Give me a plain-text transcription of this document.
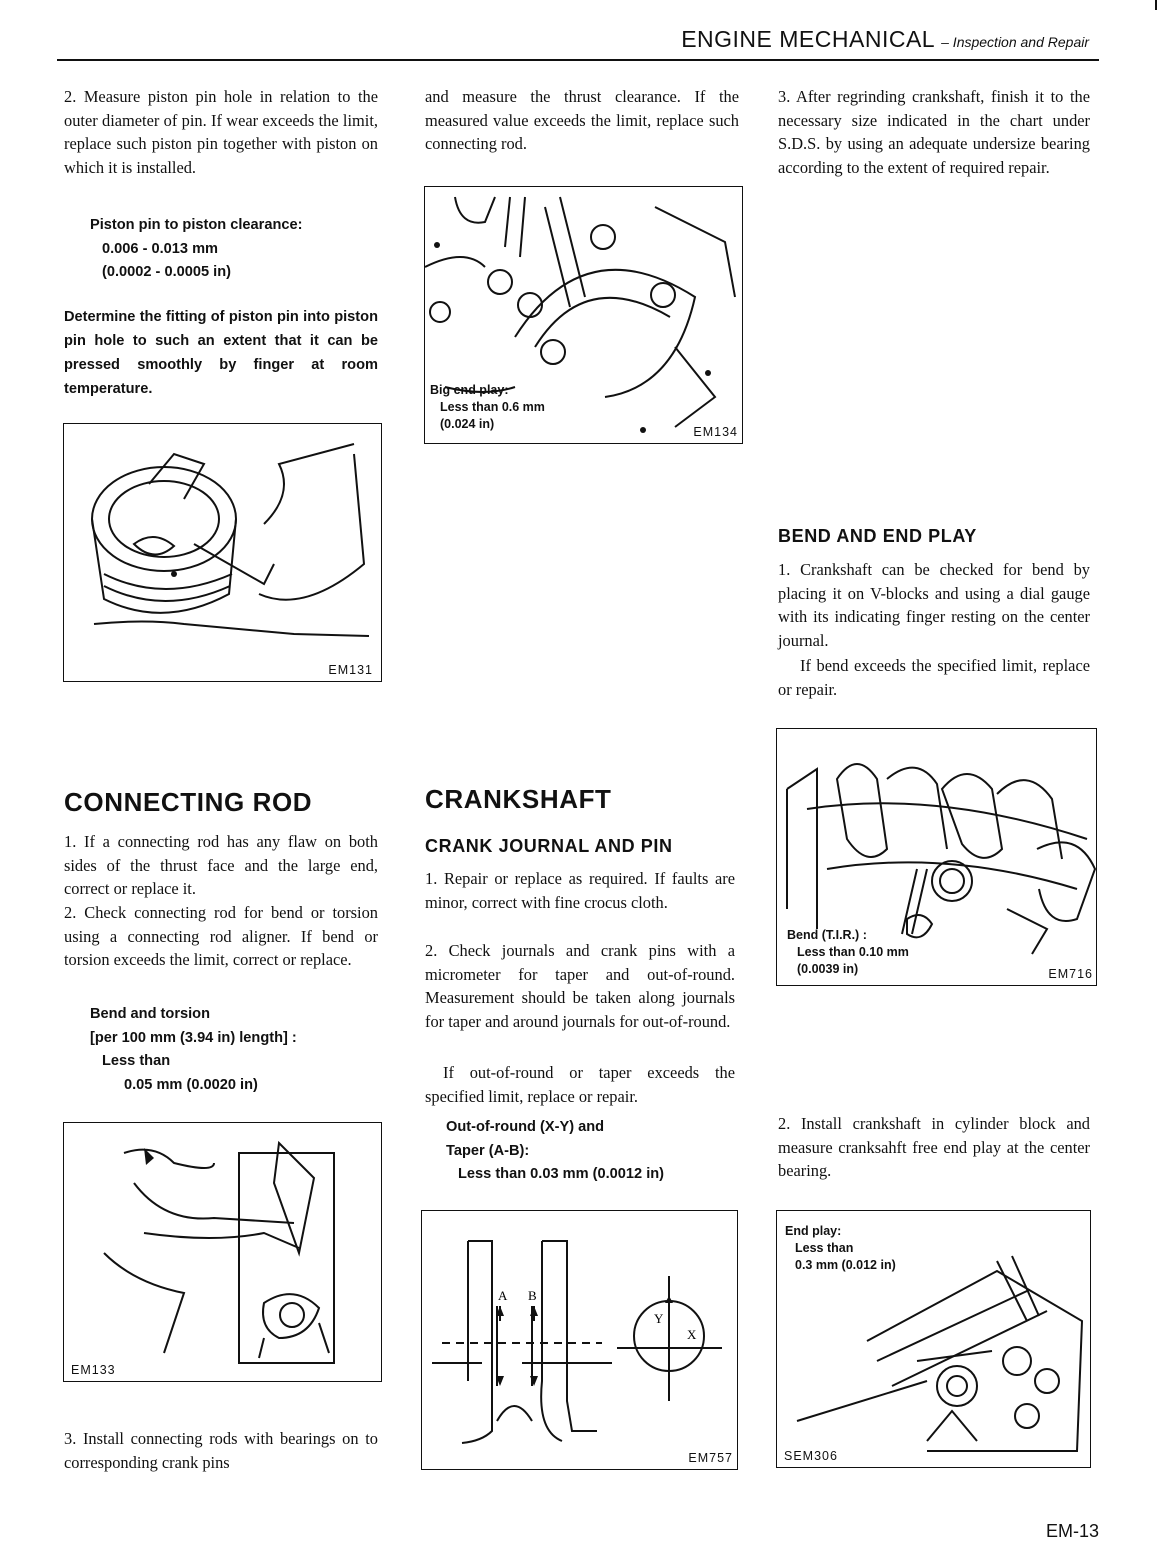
ENGINE MECHANICAL – Inspection and Repair

2. Measure piston pin hole in relation to the outer diameter of pin. If wear exceeds the limit, replace such piston pin together with piston on which it is installed.

Piston pin to piston clearance:
0.006 - 0.013 mm
(0.0002 - 0.0005 in)

Determine the fitting of piston pin into piston pin hole to such an extent that it can be pressed smoothly by finger at room temperature.

EM131
CONNECTING ROD

1. If a connecting rod has any flaw on both sides of the thrust face and the large end, correct or replace it.

2. Check connecting rod for bend or torsion using a connecting rod aligner. If bend or torsion exceeds the limit, correct or replace.

Bend and torsion
[per 100 mm (3.94 in) length] :
Less than
0.05 mm (0.0020 in)
EM133

3. Install connecting rods with bearings on to corresponding crank pins

and measure the thrust clearance. If the measured value exceeds the limit, replace such connecting rod.

Big end play:
Less than 0.6 mm
(0.024 in)
EM134
CRANKSHAFT
CRANK JOURNAL AND PIN

1. Repair or replace as required. If faults are minor, correct with fine crocus cloth.

2. Check journals and crank pins with a micrometer for taper and out-of-round. Measurement should be taken along journals for taper and around journals for out-of-round.

If out-of-round or taper exceeds the specified limit, replace or repair.

Out-of-round (X-Y) and
Taper (A-B):
Less than 0.03 mm (0.0012 in)
A B
Y
X
EM757

3. After regrinding crankshaft, finish it to the necessary size indicated in the chart under S.D.S. by using an adequate undersize bearing according to the extent of required repair.

BEND AND END PLAY

1. Crankshaft can be checked for bend by placing it on V-blocks and using a dial gauge with its indicating finger resting on the center journal.

If bend exceeds the specified limit, replace or repair.

Bend (T.I.R.) :
Less than 0.10 mm
(0.0039 in)	EM716

2. Install crankshaft in cylinder block and measure cranksahft free end play at the center bearing.

End play:
Less than
0.3 mm (0.012 in)
SEM306
EM-13
